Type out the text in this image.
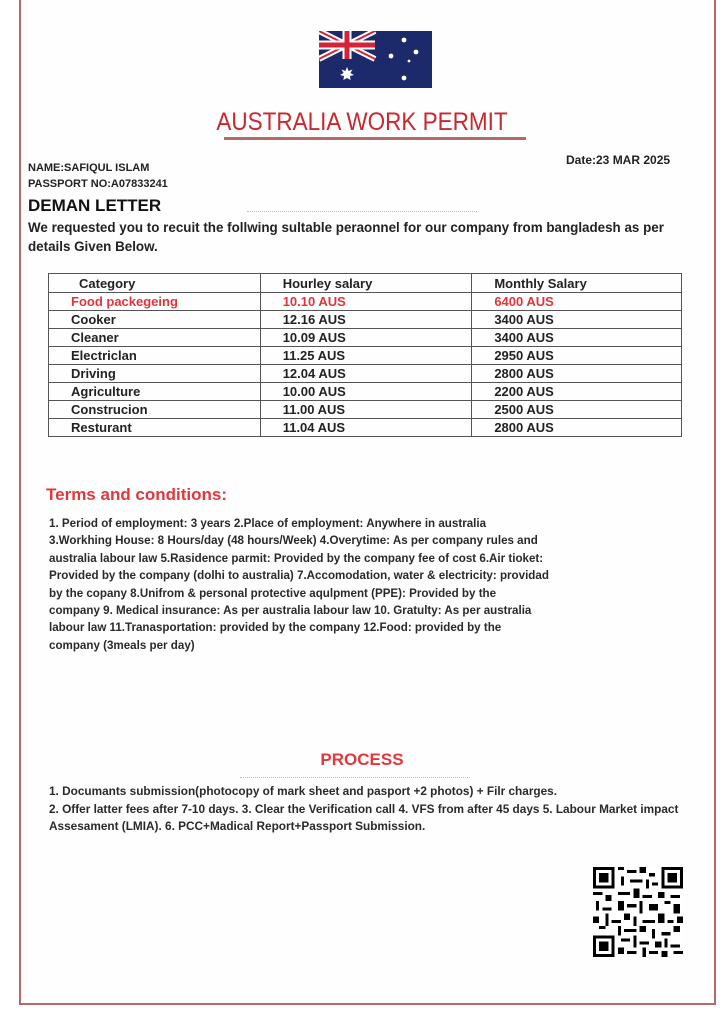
AUSTRALIA WORK PERMIT
Date:23 MAR 2025
NAME:SAFIQUL ISLAM
PASSPORT NO:A07833241
DEMAN LETTER
We requested you to recuit the follwing sultable peraonnel for our company from bangladesh as per details Given Below.
Category	Hourley salary	Monthly Salary
Food packegeing	10.10 AUS	6400 AUS
Cooker	12.16 AUS	3400 AUS
Cleaner	10.09 AUS	3400 AUS
Electriclan	11.25 AUS	2950 AUS
Driving	12.04 AUS	2800 AUS
Agriculture	10.00 AUS	2200 AUS
Construcion	11.00 AUS	2500 AUS
Resturant	11.04 AUS	2800 AUS
Terms and conditions:
1. Period of employment: 3 years 2.Place of employment: Anywhere in australia 3.Workhing House: 8 Hours/day (48 hours/Week) 4.Overytime: As per company rules and australia labour law 5.Rasidence parmit: Provided by the company fee of cost 6.Air tioket: Provided by the company (dolhi to australia) 7.Accomodation, water & electricity: providad by the copany 8.Unifrom & personal protective aqulpment (PPE): Provided by the company 9. Medical insurance: As per australia labour law 10. Gratulty: As per australia labour law 11.Tranasportation: provided by the company 12.Food: provided by the company (3meals per day)
PROCESS
1. Documants submission(photocopy of mark sheet and pasport +2 photos) + Filr charges.
2. Offer latter fees after 7-10 days. 3. Clear the Verification call 4. VFS from after 45 days 5. Labour Market impact Assesament (LMIA). 6. PCC+Madical Report+Passport Submission.
